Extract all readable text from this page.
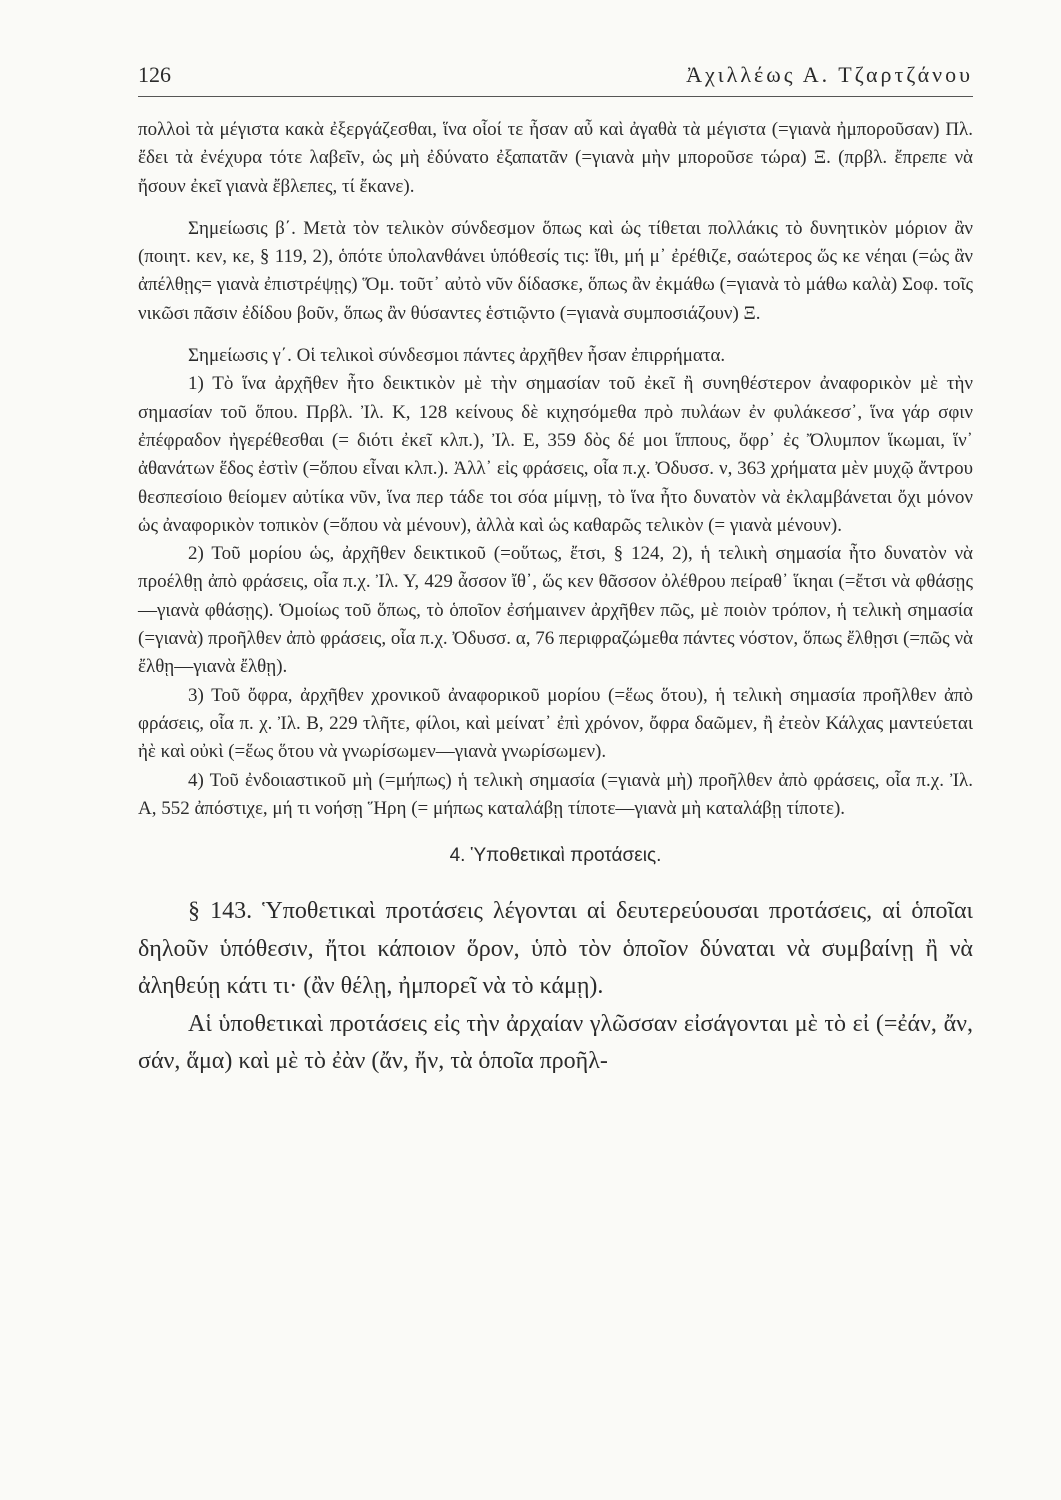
126	Ἀχιλλέως Α. Τζαρτζάνου

πολλοὶ τὰ μέγιστα κακὰ ἐξεργάζεσθαι, ἵνα οἷοί τε ἦσαν αὖ καὶ ἀγαθὰ τὰ μέγιστα (=γιανὰ ἠμποροῦσαν) Πλ. ἔδει τὰ ἐνέχυρα τότε λαβεῖν, ὡς μὴ ἐδύνατο ἐξαπατᾶν (=γιανὰ μὴν μποροῦσε τώρα) Ξ. (πρβλ. ἔπρεπε νὰ ἤσουν ἐκεῖ γιανὰ ἔβλεπες, τί ἔκανε).

Σημείωσις β΄. Μετὰ τὸν τελικὸν σύνδεσμον ὅπως καὶ ὡς τίθεται πολλάκις τὸ δυνητικὸν μόριον ἂν (ποιητ. κεν, κε, § 119, 2), ὁπότε ὑπολανθάνει ὑπόθεσίς τις: ἴθι, μή μ᾽ ἐρέθιζε, σαώτερος ὥς κε νέηαι (=ὡς ἂν ἀπέλθῃς= γιανὰ ἐπιστρέψῃς) Ὅμ. τοῦτ᾽ αὐτὸ νῦν δίδασκε, ὅπως ἂν ἐκμάθω (=γιανὰ τὸ μάθω καλὰ) Σοφ. τοῖς νικῶσι πᾶσιν ἐδίδου βοῦν, ὅπως ἂν θύσαντες ἑστιῷντο (=γιανὰ συμποσιάζουν) Ξ.

Σημείωσις γ΄. Οἱ τελικοὶ σύνδεσμοι πάντες ἀρχῆθεν ἦσαν ἐπιρρήματα.

1) Τὸ ἵνα ἀρχῆθεν ἦτο δεικτικὸν μὲ τὴν σημασίαν τοῦ ἐκεῖ ἢ συνηθέστερον ἀναφορικὸν μὲ τὴν σημασίαν τοῦ ὅπου. Πρβλ. Ἰλ. Κ, 128 κείνους δὲ κιχησόμεθα πρὸ πυλάων ἐν φυλάκεσσ᾽, ἵνα γάρ σφιν ἐπέφραδον ἠγερέθεσθαι (= διότι ἐκεῖ κλπ.), Ἰλ. Ε, 359 δὸς δέ μοι ἵππους, ὄφρ᾽ ἐς Ὄλυμπον ἵκωμαι, ἵν᾽ ἀθανάτων ἕδος ἐστὶν (=ὅπου εἶναι κλπ.). Ἀλλ᾽ εἰς φράσεις, οἷα π.χ. Ὀδυσσ. ν, 363 χρήματα μὲν μυχῷ ἄντρου θεσπεσίοιο θείομεν αὐτίκα νῦν, ἵνα περ τάδε τοι σόα μίμνῃ, τὸ ἵνα ἦτο δυνατὸν νὰ ἐκλαμβάνεται ὄχι μόνον ὡς ἀναφορικὸν τοπικὸν (=ὅπου νὰ μένουν), ἀλλὰ καὶ ὡς καθαρῶς τελικὸν (= γιανὰ μένουν).

2) Τοῦ μορίου ὡς, ἀρχῆθεν δεικτικοῦ (=οὕτως, ἔτσι, § 124, 2), ἡ τελικὴ σημασία ἦτο δυνατὸν νὰ προέλθῃ ἀπὸ φράσεις, οἷα π.χ. Ἰλ. Υ, 429 ἆσσον ἴθ᾽, ὥς κεν θᾶσσον ὀλέθρου πείραθ᾽ ἵκηαι (=ἔτσι νὰ φθάσῃς—γιανὰ φθάσῃς). Ὁμοίως τοῦ ὅπως, τὸ ὁποῖον ἐσήμαινεν ἀρχῆθεν πῶς, μὲ ποιὸν τρόπον, ἡ τελικὴ σημασία (=γιανὰ) προῆλθεν ἀπὸ φράσεις, οἷα π.χ. Ὀδυσσ. α, 76 περιφραζώμεθα πάντες νόστον, ὅπως ἔλθῃσι (=πῶς νὰ ἔλθῃ—γιανὰ ἔλθῃ).

3) Τοῦ ὄφρα, ἀρχῆθεν χρονικοῦ ἀναφορικοῦ μορίου (=ἕως ὅτου), ἡ τελικὴ σημασία προῆλθεν ἀπὸ φράσεις, οἷα π. χ. Ἰλ. Β, 229 τλῆτε, φίλοι, καὶ μείνατ᾽ ἐπὶ χρόνον, ὄφρα δαῶμεν, ἢ ἐτεὸν Κάλχας μαντεύεται ἠὲ καὶ οὐκὶ (=ἕως ὅτου νὰ γνωρίσωμεν—γιανὰ γνωρίσωμεν).

4) Τοῦ ἐνδοιαστικοῦ μὴ (=μήπως) ἡ τελικὴ σημασία (=γιανὰ μὴ) προῆλθεν ἀπὸ φράσεις, οἷα π.χ. Ἰλ. Α, 552 ἀπόστιχε, μή τι νοήσῃ Ἥρη (= μήπως καταλάβῃ τίποτε—γιανὰ μὴ καταλάβῃ τίποτε).

4. Ὑποθετικαὶ προτάσεις.

§ 143. Ὑποθετικαὶ προτάσεις λέγονται αἱ δευτερεύουσαι προτάσεις, αἱ ὁποῖαι δηλοῦν ὑπόθεσιν, ἤτοι κάποιον ὅρον, ὑπὸ τὸν ὁποῖον δύναται νὰ συμβαίνῃ ἢ νὰ ἀληθεύῃ κάτι τι· (ἂν θέλῃ, ἠμπορεῖ νὰ τὸ κάμῃ).

Αἱ ὑποθετικαὶ προτάσεις εἰς τὴν ἀρχαίαν γλῶσσαν εἰσάγονται μὲ τὸ εἰ (=ἐάν, ἄν, σάν, ἅμα) καὶ μὲ τὸ ἐὰν (ἄν, ἤν, τὰ ὁποῖα προῆλ-
